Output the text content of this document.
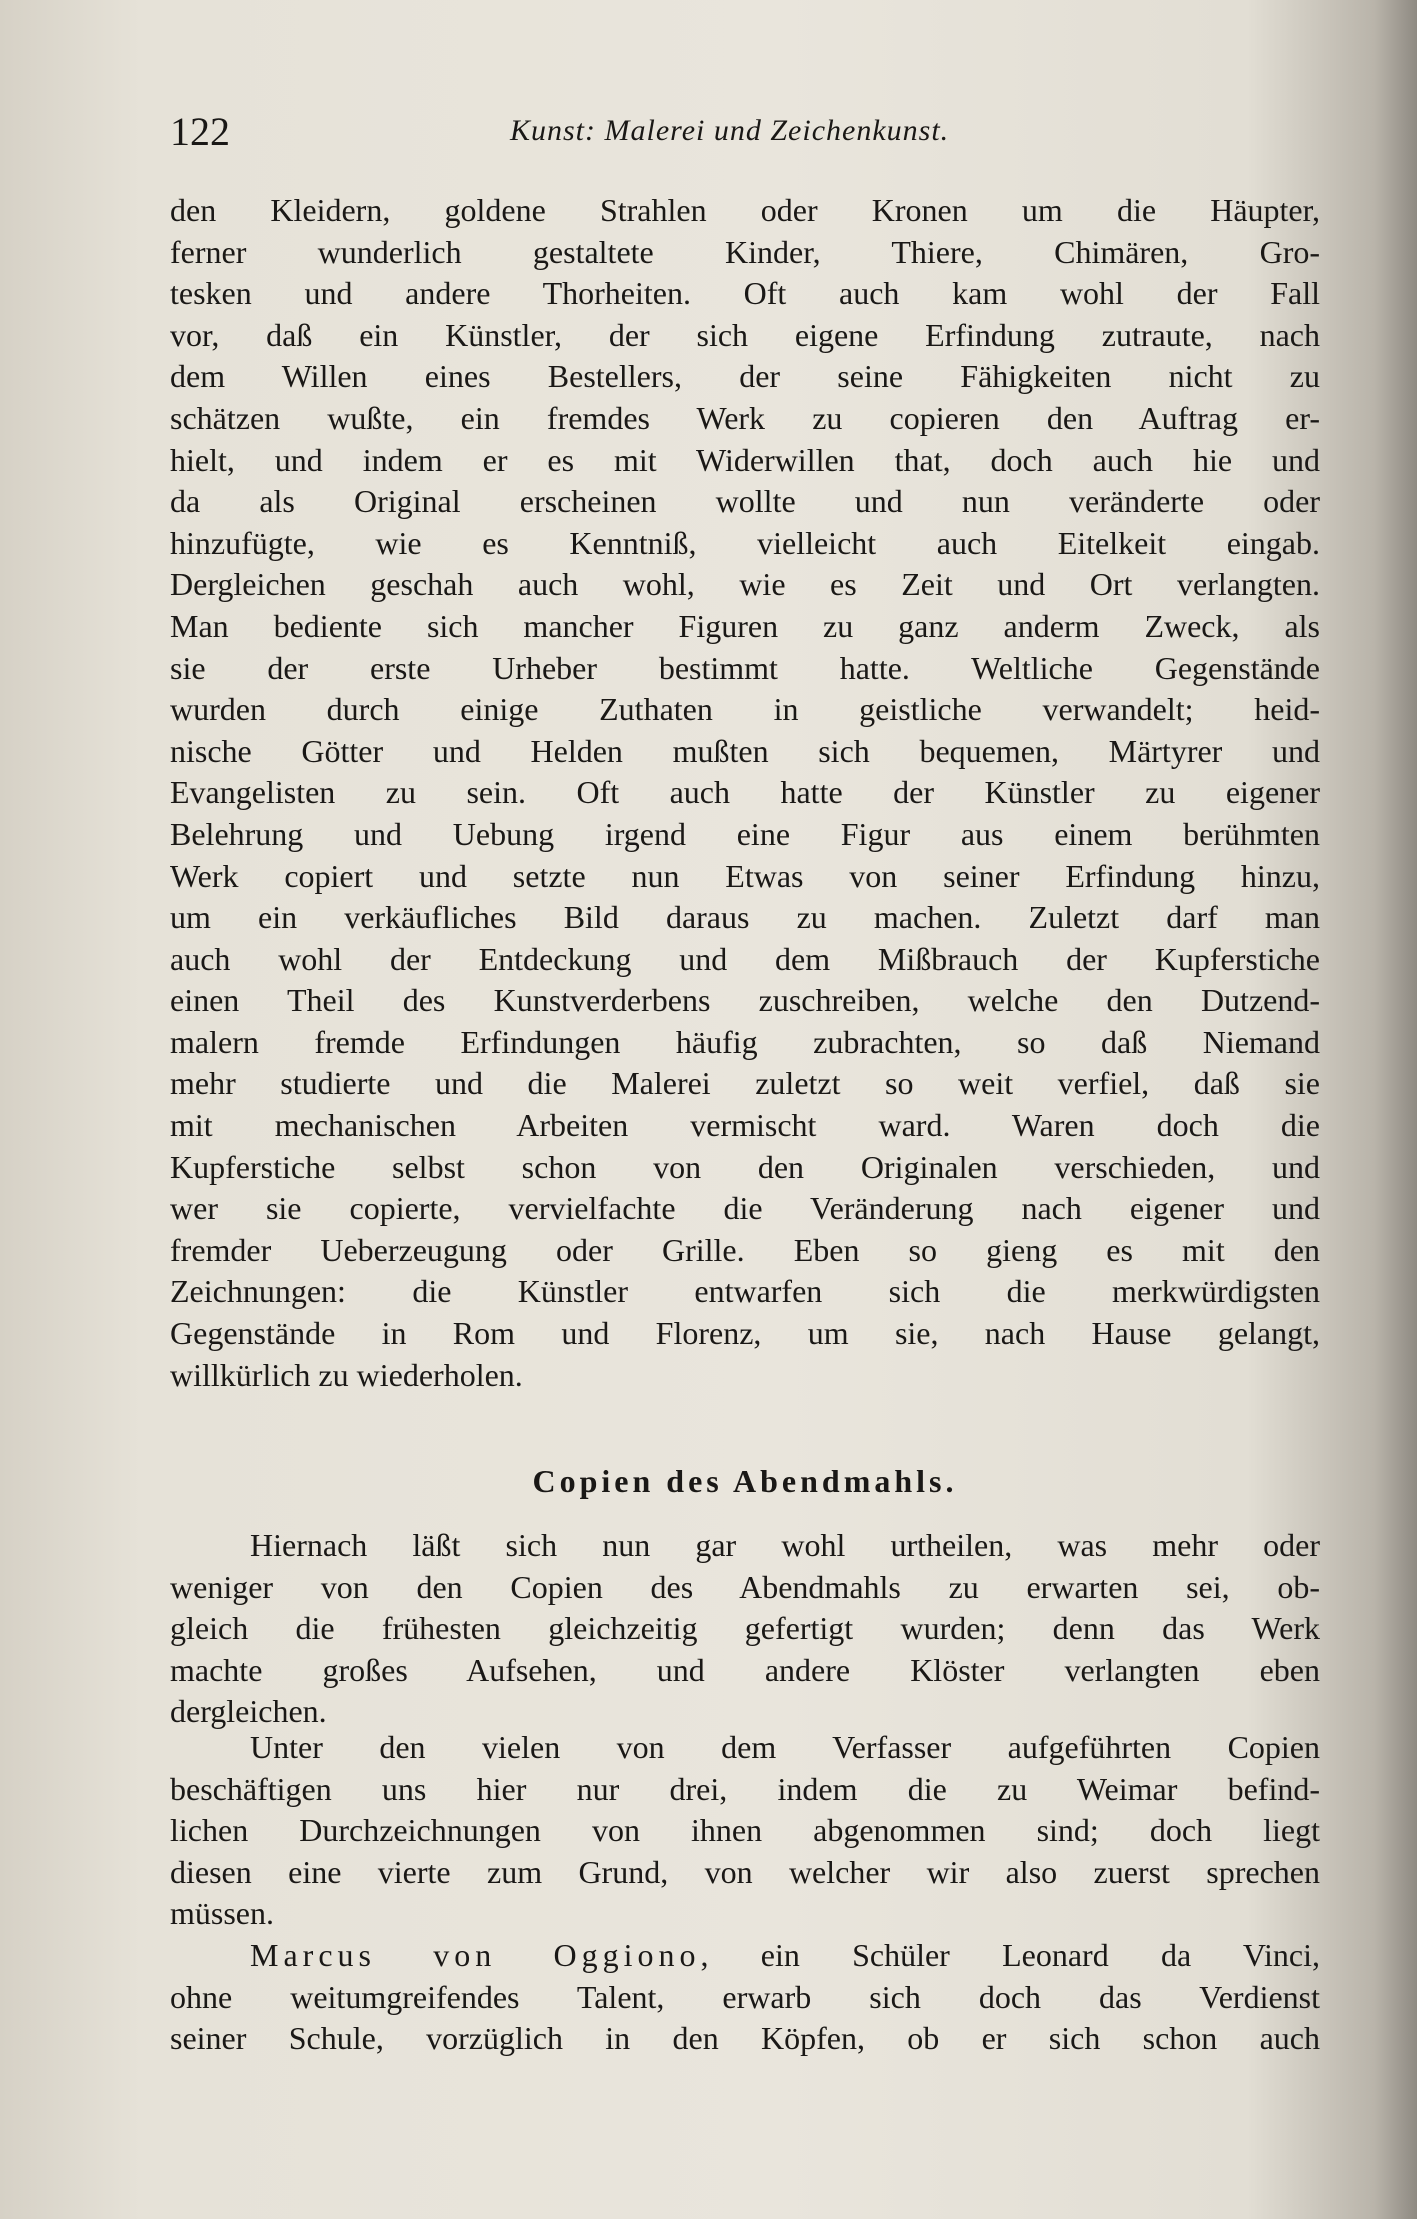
122	Kunst: Malerei und Zeichenkunst.
den Kleidern, goldene Strahlen oder Kronen um die Häupter,
ferner wunderlich gestaltete Kinder, Thiere, Chimären, Gro-
tesken und andere Thorheiten. Oft auch kam wohl der Fall
vor, daß ein Künstler, der sich eigene Erfindung zutraute, nach
dem Willen eines Bestellers, der seine Fähigkeiten nicht zu
schätzen wußte, ein fremdes Werk zu copieren den Auftrag er-
hielt, und indem er es mit Widerwillen that, doch auch hie und
da als Original erscheinen wollte und nun veränderte oder
hinzufügte, wie es Kenntniß, vielleicht auch Eitelkeit eingab.
Dergleichen geschah auch wohl, wie es Zeit und Ort verlangten.
Man bediente sich mancher Figuren zu ganz anderm Zweck, als
sie der erste Urheber bestimmt hatte. Weltliche Gegenstände
wurden durch einige Zuthaten in geistliche verwandelt; heid-
nische Götter und Helden mußten sich bequemen, Märtyrer und
Evangelisten zu sein. Oft auch hatte der Künstler zu eigener
Belehrung und Uebung irgend eine Figur aus einem berühmten
Werk copiert und setzte nun Etwas von seiner Erfindung hinzu,
um ein verkäufliches Bild daraus zu machen. Zuletzt darf man
auch wohl der Entdeckung und dem Mißbrauch der Kupferstiche
einen Theil des Kunstverderbens zuschreiben, welche den Dutzend-
malern fremde Erfindungen häufig zubrachten, so daß Niemand
mehr studierte und die Malerei zuletzt so weit verfiel, daß sie
mit mechanischen Arbeiten vermischt ward. Waren doch die
Kupferstiche selbst schon von den Originalen verschieden, und
wer sie copierte, vervielfachte die Veränderung nach eigener und
fremder Ueberzeugung oder Grille. Eben so gieng es mit den
Zeichnungen: die Künstler entwarfen sich die merkwürdigsten
Gegenstände in Rom und Florenz, um sie, nach Hause gelangt,
willkürlich zu wiederholen.
Copien des Abendmahls.
Hiernach läßt sich nun gar wohl urtheilen, was mehr oder
weniger von den Copien des Abendmahls zu erwarten sei, ob-
gleich die frühesten gleichzeitig gefertigt wurden; denn das Werk
machte großes Aufsehen, und andere Klöster verlangten eben
dergleichen.
Unter den vielen von dem Verfasser aufgeführten Copien
beschäftigen uns hier nur drei, indem die zu Weimar befind-
lichen Durchzeichnungen von ihnen abgenommen sind; doch liegt
diesen eine vierte zum Grund, von welcher wir also zuerst sprechen
müssen.
Marcus von Oggiono, ein Schüler Leonard da Vinci,
ohne weitumgreifendes Talent, erwarb sich doch das Verdienst
seiner Schule, vorzüglich in den Köpfen, ob er sich schon auch
